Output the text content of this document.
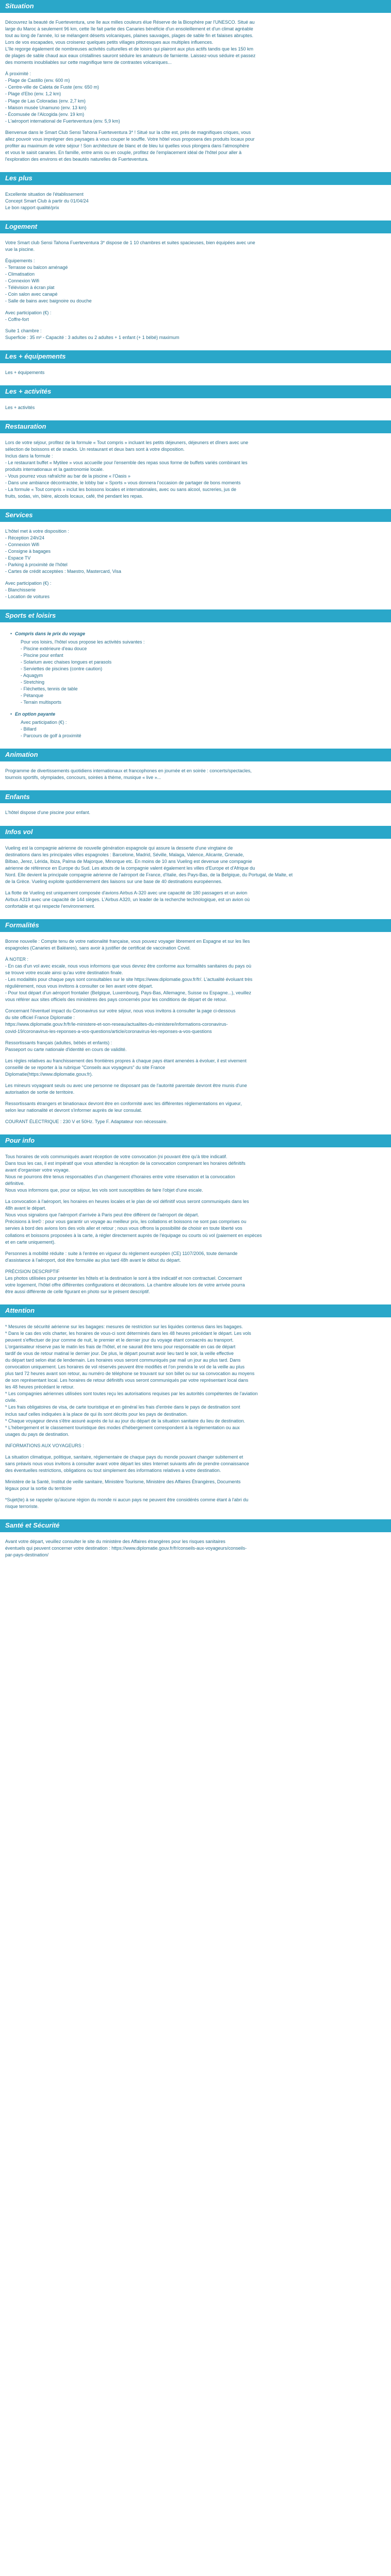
Situation

Découvrez la beauté de Fuerteventura, une île aux milles couleurs élue Réserve de la Biosphère par l'UNESCO. Situé au

large du Maroc à seulement 96 km, cette île fait partie des Canaries bénéficie d'un ensoleillement et d'un climat agréable

tout au long de l'année, Ici se mélangent déserts volcaniques, plaines sauvages, plages de sable fin et falaises abruptes.

Lors de vos escapades, vous croiserez quelques petits villages pittoresques aux multiples influences.

L'île regorge également de nombreuses activités culturelles et de loisirs qui plairont aux plus actifs tandis que les 150 km

de plages de sable chaud aux eaux cristallines sauront séduire les amateurs de farniente. Laissez-vous séduire et passez

des moments inoubliables sur cette magnifique terre de contrastes volcaniques...

À proximité :

- Plage de Castillo (env. 600 m)

- Centre-ville de Caleta de Fuste (env. 650 m)

- Plage d'Ebo (env. 1,2 km)

- Plage de Las Coloradas (env. 2,7 km)

- Maison musée Unamuno (env. 13 km)

- Écomusée de l'Alcogida (env. 19 km)

- L'aéroport international de Fuerteventura (env. 5,9 km)

Bienvenue dans le Smart Club Sensi Tahona Fuerteventura 3* ! Situé sur la côte est, près de magnifiques criques, vous

allez pouvoir vous imprégner des paysages à vous couper le souffle. Votre hôtel vous proposera des produits locaux pour

profiter au maximum de votre séjour ! Son architecture de blanc et de bleu lui quelles vous plongera dans l'atmosphère

et vous le saisit canaries. En famille, entre amis ou en couple, profitez de l'emplacement idéal de l'hôtel pour aller à

l'exploration des environs et des beautés naturelles de Fuerteventura.

Les plus

Excellente situation de l'établissement

Concept Smart Club à partir du 01/04/24

Le bon rapport qualité/prix

Logement

Votre Smart club Sensi Tahona Fuerteventura 3* dispose de 1 10 chambres et suites spacieuses, bien équipées avec une

vue la piscine.

Équipements :

- Terrasse ou balcon aménagé

- Climatisation

- Connexion Wifi

- Télévision à écran plat

- Coin salon avec canapé

- Salle de bains avec baignoire ou douche

Avec participation (€) :

- Coffre-fort

Suite 1 chambre :

Superficie : 35 m² - Capacité : 3 adultes ou 2 adultes + 1 enfant (+ 1 bébé) maximum

Les + équipements

Les + équipements

Les + activités

Les + activités

Restauration

Lors de votre séjour, profitez de la formule « Tout compris » incluant les petits déjeuners, déjeuners et dîners avec une

sélection de boissons et de snacks. Un restaurant et deux bars sont à votre disposition.

Inclus dans la formule :

- Le restaurant buffet « Mytilee » vous accueille pour l'ensemble des repas sous forme de buffets variés combinant les

produits internationaux et la gastronomie locale.

- Vous pourrez vous rafraîchir au bar de la piscine « l'Oasis »

- Dans une ambiance décontractée, le lobby bar « Sports » vous donnera l'occasion de partager de bons moments

- La formule « Tout compris » inclut les boissons locales et internationales, avec ou sans alcool, sucreries, jus de

fruits, sodas, vin, bière, alcools locaux, café, thé pendant les repas.

Services

L'hôtel met à votre disposition :

- Réception 24h/24

- Connexion Wifi

- Consigne à bagages

- Espace TV

- Parking à proximité de l'hôtel

- Cartes de crédit acceptées : Maestro, Mastercard, Visa

Avec participation (€) :

- Blanchisserie

- Location de voitures

Sports et loisirs
• Compris dans le prix du voyage

Pour vos loisirs, l'hôtel vous propose les activités suivantes :

- Piscine extérieure d'eau douce

- Piscine pour enfant

- Solarium avec chaises longues et parasols

- Serviettes de piscines (contre caution)

- Aquagym

- Stretching

- Fléchettes, tennis de table

- Pétanque

- Terrain multisports

• En option payante

Avec participation (€) :

- Billard

- Parcours de golf à proximité

Animation

Programme de divertissements quotidiens internationaux et francophones en journée et en soirée : concerts/spectacles,

tournois sportifs, olympiades, concours, soirées à thème, musique « live »...

Enfants

L'hôtel dispose d'une piscine pour enfant.

Infos vol

Vueling est la compagnie aérienne de nouvelle génération espagnole qui assure la desserte d'une vingtaine de

destinations dans les principales villes espagnoles : Barcelone, Madrid, Séville, Malaga, Valence, Alicante, Grenade,

Bilbao, Jerez, Lérida, Ibiza, Palma de Majorque, Minorque etc. En moins de 10 ans Vueling est devenue une compagnie

aérienne de référence en Europe du Sud. Les atouts de la compagnie valent également les villes d'Europe et d'Afrique du

Nord. Elle devient la principale compagnie aérienne de l'aéroport de France, d'Italie, des Pays-Bas, de la Belgique, du Portugal, de Malte, et

de la Grèce. Vueling exploite quotidiennement des liaisons sur une base de 40 destinations européennes.

La flotte de Vueling est uniquement composée d'avions Airbus A-320 avec une capacité de 180 passagers et un avion

Airbus A319 avec une capacité de 144 sièges. L'Airbus A320, un leader de la recherche technologique, est un avion où

confortable et qui respecte l'environnement.

Formalités

Bonne nouvelle : Compte tenu de votre nationalité française, vous pouvez voyager librement en Espagne et sur les îles

espagnoles (Canaries et Baléares), sans avoir à justifier de certificat de vaccination Covid.

À NOTER :

- En cas d'un vol avec escale, nous vous informons que vous devrez être conforme aux formalités sanitaires du pays où

se trouve votre escale ainsi qu'au votre destination finale.

- Les modalités pour chaque pays sont consultables sur le site https://www.diplomatie.gouv.fr/fr/. L'actualité évoluant très

régulièrement, nous vous invitons à consulter ce lien avant votre départ.

- Pour tout départ d'un aéroport frontalier (Belgique, Luxembourg, Pays-Bas, Allemagne, Suisse ou Espagne...), veuillez

vous référer aux sites officiels des ministères des pays concernés pour les conditions de départ et de retour.

Concernant l'éventuel impact du Coronavirus sur votre séjour, nous vous invitons à consulter la page ci-dessous

du site officiel France Diplomatie :

https://www.diplomatie.gouv.fr/fr/le-ministere-et-son-reseau/actualites-du-ministere/informations-coronavirus-

covid-19/coronavirus-les-reponses-a-vos-questions/article/coronavirus-les-reponses-a-vos-questions

Ressortissants français (adultes, bébés et enfants) :

Passeport ou carte nationale d'identité en cours de validité.

Les règles relatives au franchissement des frontières propres à chaque pays étant amenées à évoluer, il est vivement

conseillé de se reporter à la rubrique "Conseils aux voyageurs" du site France

Diplomatie(https://www.diplomatie.gouv.fr).

Les mineurs voyageant seuls ou avec une personne ne disposant pas de l'autorité parentale devront être munis d'une

autorisation de sortie de territoire.

Ressortissants étrangers et binationaux devront être en conformité avec les différentes réglementations en vigueur,

selon leur nationalité et devront s'informer auprès de leur consulat.

COURANT ÉLECTRIQUE : 230 V et 50Hz. Type F. Adaptateur non nécessaire.

Pour info

Tous horaires de vols communiqués avant réception de votre convocation (ni pouvant être qu'à titre indicatif.

Dans tous les cas, il est impératif que vous attendiez la réception de la convocation comprenant les horaires définitifs

avant d'organiser votre voyage.

Nous ne pourrons être tenus responsables d'un changement d'horaires entre votre réservation et la convocation

définitive.

Nous vous informons que, pour ce séjour, les vols sont susceptibles de faire l'objet d'une escale.

La convocation à l'aéroport, les horaires en heures locales et le plan de vol définitif vous seront communiqués dans les

48h avant le départ.

Nous vous signalons que l'aéroport d'arrivée à Paris peut être différent de l'aéroport de départ.

Précisions à lire© : pour vous garantir un voyage au meilleur prix, les collations et boissons ne sont pas comprises ou

servies à bord des avions lors des vols aller et retour ; nous vous offrons la possibilité de choisir en toute liberté vos

collations et boissons proposées à la carte, à régler directement auprès de l'équipage ou courts où vol (paiement en espèces

et en carte uniquement).

Personnes à mobilité réduite : suite à l'entrée en vigueur du règlement européen (CE) 1107/2006, toute demande

d'assistance à l'aéroport, doit être formulée au plus tard 48h avant le début du départ.

PRÉCISION DESCRIPTIF

Les photos utilisées pour présenter les hôtels et la destination le sont à titre indicatif et non contractuel. Concernant

votre logement, l'hôtel offre différentes configurations et décorations. La chambre allouée lors de votre arrivée pourra

être aussi différente de celle figurant en photo sur le présent descriptif.

Attention

* Mesures de sécurité aérienne sur les bagages: mesures de restriction sur les liquides contenus dans les bagages.

* Dans le cas des vols charter, les horaires de vous-ci sont déterminés dans les 48 heures précédant le départ. Les vols

peuvent s'effectuer de jour comme de nuit, le premier et le dernier jour du voyage étant consacrés au transport.

L'organisateur réserve pas le matin les frais de l'hôtel, et ne saurait être tenu pour responsable en cas de départ

tardif de vous de retour matinal le dernier jour. De plus, le départ pourrait avoir lieu tard le soir, la veille effective

du départ tard selon état de lendemain. Les horaires vous seront communiqués par mail un jour au plus tard. Dans

convocation uniquement. Les horaires de vol réservés peuvent être modifiés et l'on prendra le vol de la veille au plus

plus tard 72 heures avant son retour, au numéro de téléphone se trouvant sur son billet ou sur sa convocation au moyens

de son représentant local. Les horaires de retour définitifs vous seront communiqués par votre représentant local dans

les 48 heures précédant le retour.

* Les compagnies aériennes utilisées sont toutes reçu les autorisations requises par les autorités compétentes de l'aviation

civile.

* Les frais obligatoires de visa, de carte touristique et en général les frais d'entrée dans le pays de destination sont

inclus sauf celles indiquées à la place de qui ils sont décrits pour les pays de destination.

* Chaque voyageur devra s'être assuré auprès de lui au jour du départ de la situation sanitaire du lieu de destination.

* L'hébergement et le classement touristique des modes d'hébergement correspondent à la réglementation ou aux

usages du pays de destination.

INFORMATIONS AUX VOYAGEURS :

La situation climatique, politique, sanitaire, réglementaire de chaque pays du monde pouvant changer subitement et

sans préavis nous vous invitons à consulter avant votre départ les sites Internet suivants afin de prendre connaissance

des éventuelles restrictions, obligations ou tout simplement des informations relatives à votre destination.

Ministère de la Santé, Institut de veille sanitaire, Ministère Tourisme, Ministère des Affaires Étrangères, Documents

légaux pour la sortie du territoire

*Sujet(te) à se rappeler qu'aucune région du monde ni aucun pays ne peuvent être considérés comme étant à l'abri du

risque terroriste.

Santé et Sécurité

Avant votre départ, veuillez consulter le site du ministère des Affaires étrangères pour les risques sanitaires

éventuels qui peuvent concerner votre destination : https://www.diplomatie.gouv.fr/fr/conseils-aux-voyageurs/conseils-

par-pays-destination/
